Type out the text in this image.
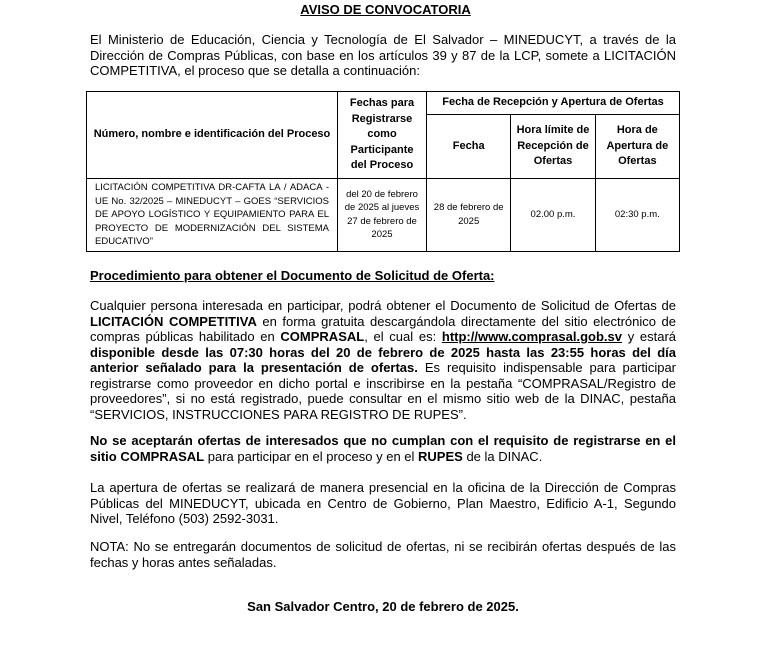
AVISO DE CONVOCATORIA
El Ministerio de Educación, Ciencia y Tecnología de El Salvador – MINEDUCYT, a través de la Dirección de Compras Públicas, con base en los artículos 39 y 87 de la LCP, somete a LICITACIÓN COMPETITIVA, el proceso que se detalla a continuación:
Número, nombre e identificación del Proceso	Fechas para Registrarse como Participante del Proceso	Fecha de Recepción y Apertura de Ofertas		
		Fecha	Hora límite de Recepción de Ofertas	Hora de Apertura de Ofertas
LICITACIÓN COMPETITIVA DR-CAFTA LA / ADACA - UE No. 32/2025 – MINEDUCYT – GOES “SERVICIOS DE APOYO LOGÍSTICO Y EQUIPAMIENTO PARA EL PROYECTO DE MODERNIZACIÓN DEL SISTEMA EDUCATIVO”	del 20 de febrero de 2025 al jueves 27 de febrero de 2025	28 de febrero de 2025	02.00 p.m.	02:30 p.m.
Procedimiento para obtener el Documento de Solicitud de Oferta:
Cualquier persona interesada en participar, podrá obtener el Documento de Solicitud de Ofertas de LICITACIÓN COMPETITIVA en forma gratuita descargándola directamente del sitio electrónico de compras públicas habilitado en COMPRASAL, el cual es: http://www.comprasal.gob.sv y estará disponible desde las 07:30 horas del 20 de febrero de 2025 hasta las 23:55 horas del día anterior señalado para la presentación de ofertas. Es requisito indispensable para participar registrarse como proveedor en dicho portal e inscribirse en la pestaña “COMPRASAL/Registro de proveedores”, si no está registrado, puede consultar en el mismo sitio web de la DINAC, pestaña “SERVICIOS, INSTRUCCIONES PARA REGISTRO DE RUPES”.
No se aceptarán ofertas de interesados que no cumplan con el requisito de registrarse en el sitio COMPRASAL para participar en el proceso y en el RUPES de la DINAC.
La apertura de ofertas se realizará de manera presencial en la oficina de la Dirección de Compras Públicas del MINEDUCYT, ubicada en Centro de Gobierno, Plan Maestro, Edificio A-1, Segundo Nivel, Teléfono (503) 2592-3031.
NOTA: No se entregarán documentos de solicitud de ofertas, ni se recibirán ofertas después de las fechas y horas antes señaladas.
San Salvador Centro, 20 de febrero de 2025.
